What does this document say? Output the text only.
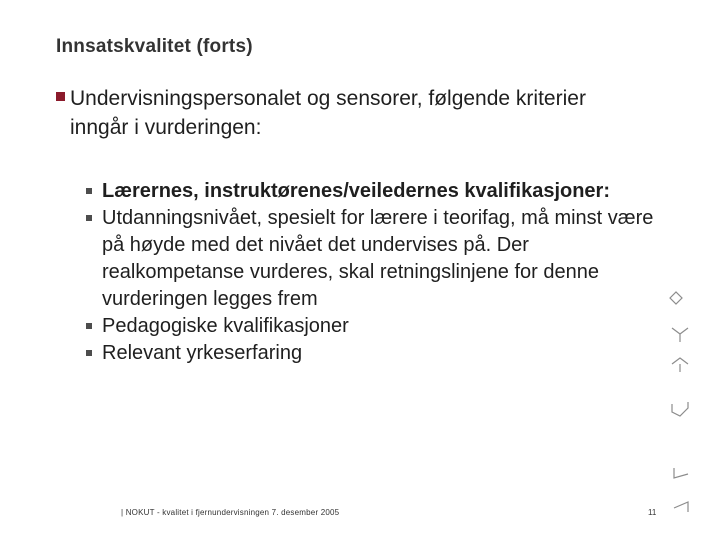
Innsatskvalitet (forts)
Undervisningspersonalet og sensorer, følgende kriterier inngår i vurderingen:
Lærernes, instruktørenes/veiledernes kvalifikasjoner:
Utdanningsnivået, spesielt for lærere i teorifag, må minst være på høyde med det nivået det undervises på. Der realkompetanse vurderes, skal retningslinjene for denne vurderingen legges frem
Pedagogiske kvalifikasjoner
Relevant yrkeserfaring
| NOKUT - kvalitet i fjernundervisningen 7. desember 2005	11
